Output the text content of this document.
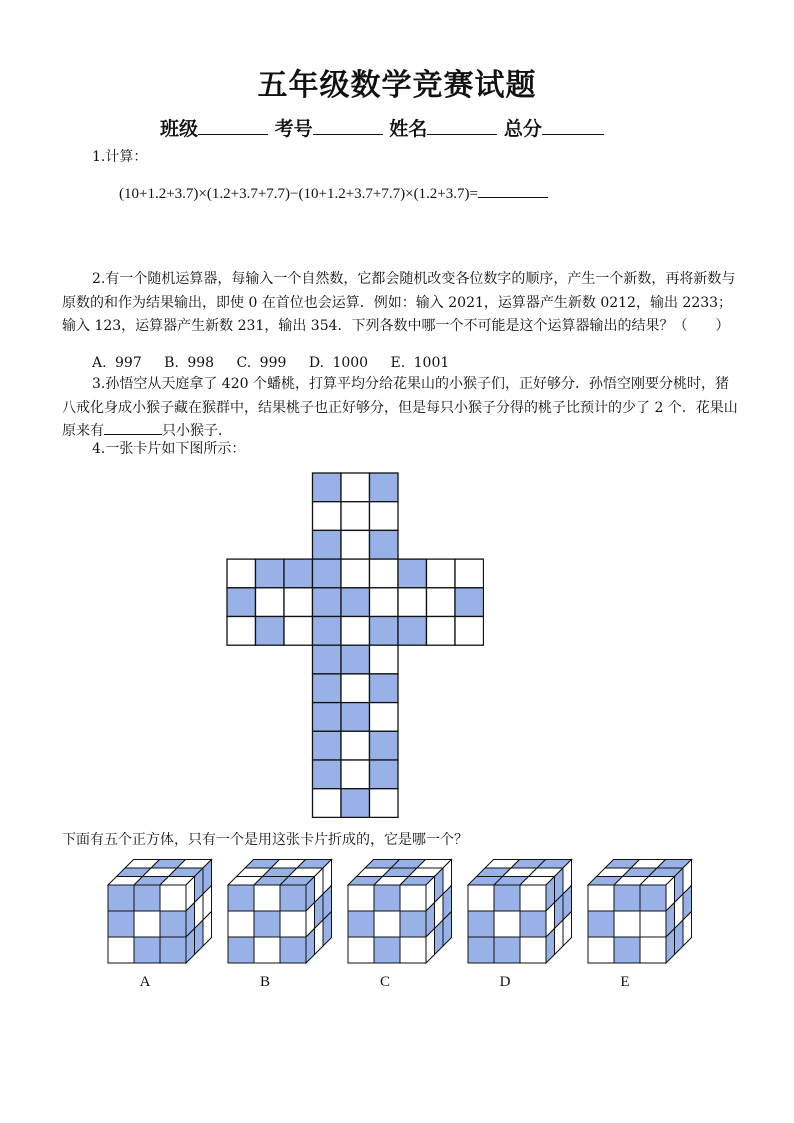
五年级数学竞赛试题
班级	考号	姓名	总分
1.计算：
(10+1.2+3.7)×(1.2+3.7+7.7)−(10+1.2+3.7+7.7)×(1.2+3.7)=
2.有一个随机运算器，每输入一个自然数，它都会随机改变各位数字的顺序，产生一个新数，再将新数与原数的和作为结果输出，即使 0 在首位也会运算．例如：输入 2021，运算器产生新数 0212，输出 2233；输入 123，运算器产生新数 231，输出 354．下列各数中哪一个不可能是这个运算器输出的结果？（　　）
A. 997　 B. 998　 C. 999　 D. 1000　 E. 1001
3.孙悟空从天庭拿了 420 个蟠桃，打算平均分给花果山的小猴子们，正好够分．孙悟空刚要分桃时，猪八戒化身成小猴子藏在猴群中，结果桃子也正好够分，但是每只小猴子分得的桃子比预计的少了 2 个．花果山原来有	只小猴子．
4.一张卡片如下图所示：
下面有五个正方体，只有一个是用这张卡片折成的，它是哪一个？
A	B	C	D	E
